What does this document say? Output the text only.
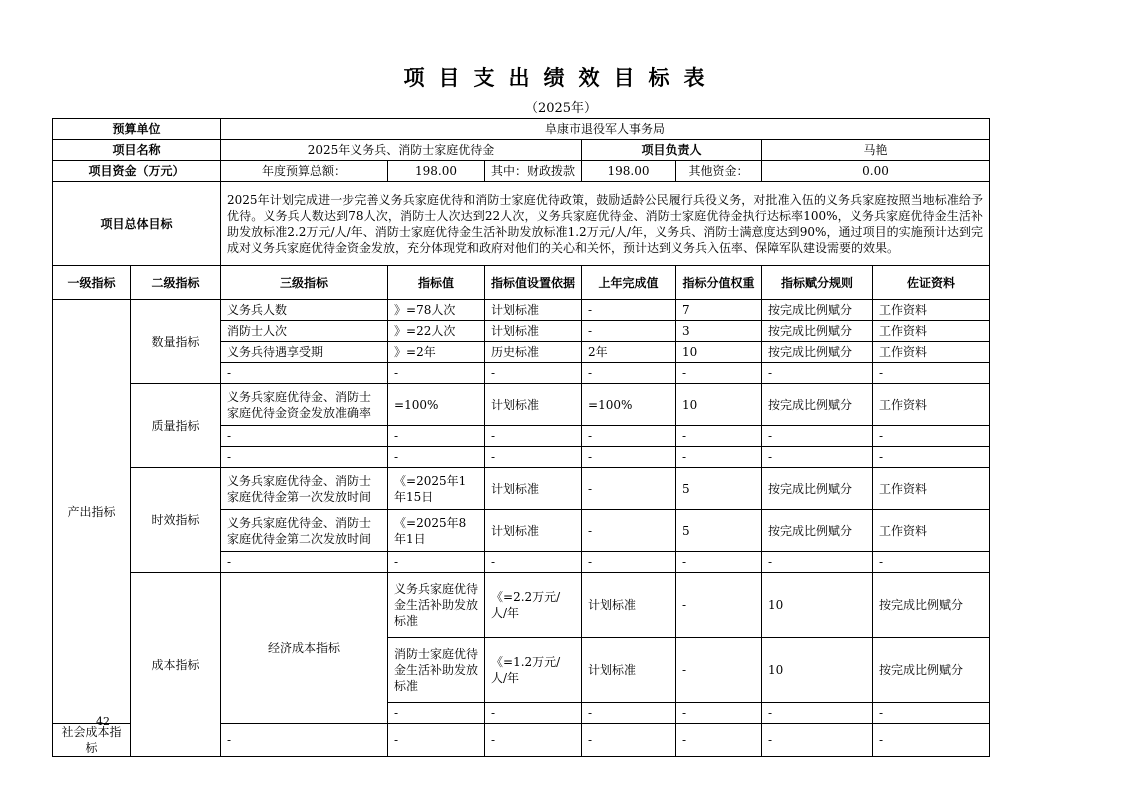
项目支出绩效目标表
（2025年）
预算单位		阜康市退役军人事务局							
项目名称		2025年义务兵、消防士家庭优待金			项目负责人		马艳		
项目资金（万元）		年度预算总额：	198.00	其中：财政拨款	198.00	其他资金：	0.00		
项目总体目标		2025年计划完成进一步完善义务兵家庭优待和消防士家庭优待政策，鼓励适龄公民履行兵役义务，对批准入伍的义务兵家庭按照当地标准给予优待。义务兵人数达到78人次，消防士人次达到22人次，义务兵家庭优待金、消防士家庭优待金执行达标率100%，义务兵家庭优待金生活补助发放标准2.2万元/人/年、消防士家庭优待金生活补助发放标准1.2万元/人/年，义务兵、消防士满意度达到90%，通过项目的实施预计达到完成对义务兵家庭优待金资金发放，充分体现党和政府对他们的关心和关怀，预计达到义务兵入伍率、保障军队建设需要的效果。							
一级指标	二级指标	三级指标	指标值	指标值设置依据	上年完成值	指标分值权重	指标赋分规则	佐证资料	
产出指标	数量指标	义务兵人数	》=78人次	计划标准	-	7	按完成比例赋分	工作资料	
		消防士人次	》=22人次	计划标准	-	3	按完成比例赋分	工作资料	
		义务兵待遇享受期	》=2年	历史标准	2年	10	按完成比例赋分	工作资料	
		-	-	-	-	-	-	-	
	质量指标	义务兵家庭优待金、消防士家庭优待金资金发放准确率	=100%	计划标准	=100%	10	按完成比例赋分	工作资料	
		-	-	-	-	-	-	-	
		-	-	-	-	-	-	-	
	时效指标	义务兵家庭优待金、消防士家庭优待金第一次发放时间	《=2025年1年15日	计划标准	-	5	按完成比例赋分	工作资料	
		义务兵家庭优待金、消防士家庭优待金第二次发放时间	《=2025年8年1日	计划标准	-	5	按完成比例赋分	工作资料	
		-	-	-	-	-	-	-	
	成本指标	经济成本指标	义务兵家庭优待金生活补助发放标准	《=2.2万元/人/年	计划标准	-	10	按完成比例赋分	
			消防士家庭优待金生活补助发放标准	《=1.2万元/人/年	计划标准	-	10	按完成比例赋分	
			-	-	-	-	-	-	
社会成本指标		-	-	-	-	-	-	-	
42
